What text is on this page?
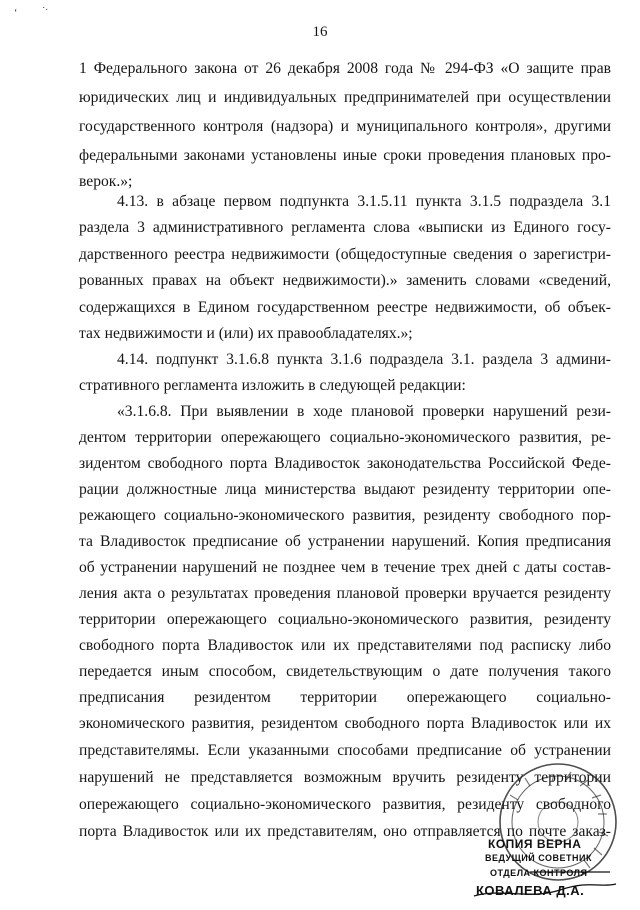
ʻ ˙ˑ
16
1 Федерального закона от 26 декабря 2008 года № 294-ФЗ «О защите прав
юридических лиц и индивидуальных предпринимателей при осуществлении
государственного контроля (надзора) и муниципального контроля», другими
федеральными законами установлены иные сроки проведения плановых про-
верок.»;
4.13. в абзаце первом подпункта 3.1.5.11 пункта 3.1.5 подраздела 3.1
раздела 3 административного регламента слова «выписки из Единого госу-
дарственного реестра недвижимости (общедоступные сведения о зарегистри-
рованных правах на объект недвижимости).» заменить словами «сведений,
содержащихся в Едином государственном реестре недвижимости, об объек-
тах недвижимости и (или) их правообладателях.»;
4.14. подпункт 3.1.6.8 пункта 3.1.6 подраздела 3.1. раздела 3 админи-
стративного регламента изложить в следующей редакции:
«3.1.6.8. При выявлении в ходе плановой проверки нарушений рези-
дентом территории опережающего социально-экономического развития, ре-
зидентом свободного порта Владивосток законодательства Российской Феде-
рации должностные лица министерства выдают резиденту территории опе-
режающего социально-экономического развития, резиденту свободного пор-
та Владивосток предписание об устранении нарушений. Копия предписания
об устранении нарушений не позднее чем в течение трех дней с даты состав-
ления акта о результатах проведения плановой проверки вручается резиденту
территории опережающего социально-экономического развития, резиденту
свободного порта Владивосток или их представителями под расписку либо
передается иным способом, свидетельствующим о дате получения такого
предписания резидентом территории опережающего социально-
экономического развития, резидентом свободного порта Владивосток или их
представителямы. Если указанными способами предписание об устранении
нарушений не представляется возможным вручить резиденту территории
опережающего социально-экономического развития, резиденту свободного
порта Владивосток или их представителям, оно отправляется по почте заказ-
КОПИЯ ВЕРНА
ВЕДУЩИЙ СОВЕТНИК
ОТДЕЛА КОНТРОЛЯ
КОВАЛЕВА Д.А.
